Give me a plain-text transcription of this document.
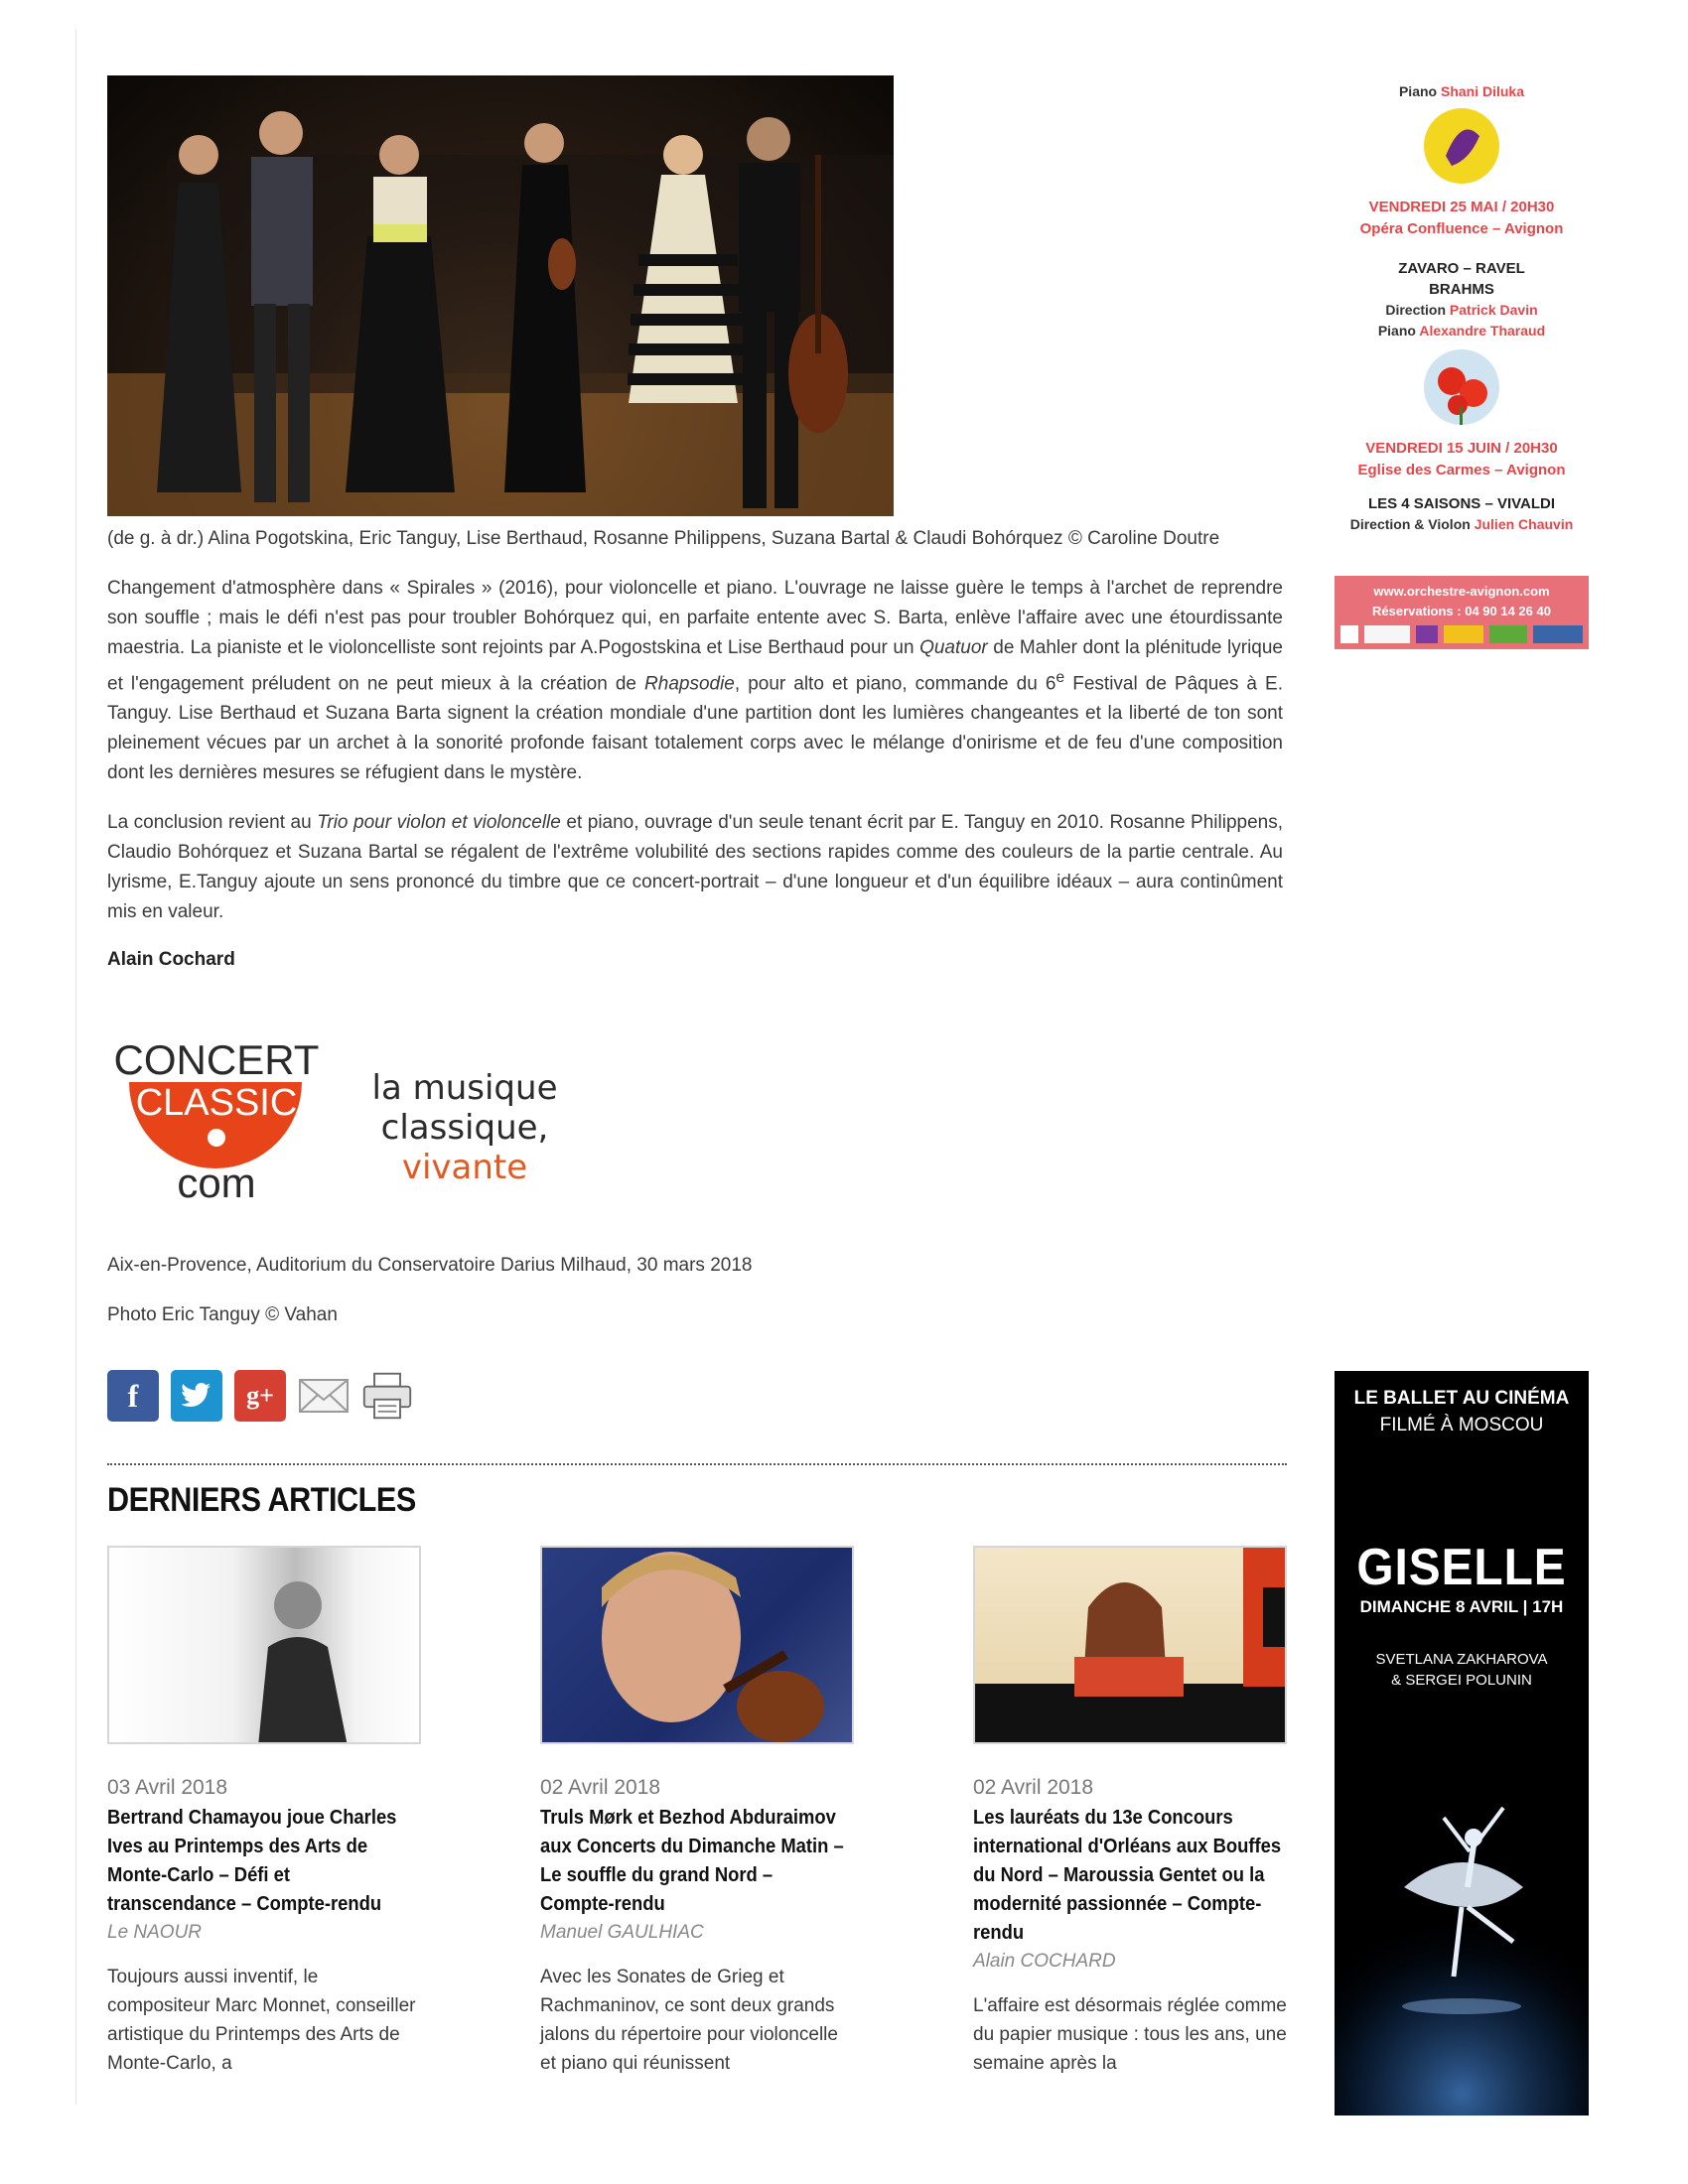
(de g. à dr.) Alina Pogotskina, Eric Tanguy, Lise Berthaud, Rosanne Philippens, Suzana Bartal & Claudi Bohórquez © Caroline Doutre

Changement d'atmosphère dans « Spirales » (2016), pour violoncelle et piano. L'ouvrage ne laisse guère le temps à l'archet de reprendre son souffle ; mais le défi n'est pas pour troubler Bohórquez qui, en parfaite entente avec S. Barta, enlève l'affaire avec une étourdissante maestria. La pianiste et le violoncelliste sont rejoints par A.Pogostskina et Lise Berthaud pour un Quatuor de Mahler dont la plénitude lyrique et l'engagement préludent on ne peut mieux à la création de Rhapsodie, pour alto et piano, commande du 6e Festival de Pâques à E. Tanguy. Lise Berthaud et Suzana Barta signent la création mondiale d'une partition dont les lumières changeantes et la liberté de ton sont pleinement vécues par un archet à la sonorité profonde faisant totalement corps avec le mélange d'onirisme et de feu d'une composition dont les dernières mesures se réfugient dans le mystère.

La conclusion revient au Trio pour violon et violoncelle et piano, ouvrage d'un seule tenant écrit par E. Tanguy en 2010. Rosanne Philippens, Claudio Bohórquez et Suzana Bartal se régalent de l'extrême volubilité des sections rapides comme des couleurs de la partie centrale. Au lyrisme, E.Tanguy ajoute un sens prononcé du timbre que ce concert-portrait – d'une longueur et d'un équilibre idéaux – aura continûment mis en valeur.

Alain Cochard

CONCERT
CLASSIC
com
la musique
classique,
vivante

Aix-en-Provence, Auditorium du Conservatoire Darius Milhaud, 30 mars 2018

Photo Eric Tanguy © Vahan

f	g+
DERNIERS ARTICLES

03 Avril 2018

Bertrand Chamayou joue Charles Ives au Printemps des Arts de Monte-Carlo – Défi et transcendance – Compte-rendu

Le NAOUR

Toujours aussi inventif, le compositeur Marc Monnet, conseiller artistique du Printemps des Arts de Monte-Carlo, a

02 Avril 2018

Truls Mørk et Bezhod Abduraimov aux Concerts du Dimanche Matin – Le souffle du grand Nord – Compte-rendu

Manuel GAULHIAC

Avec les Sonates de Grieg et Rachmaninov, ce sont deux grands jalons du répertoire pour violoncelle et piano qui réunissent

02 Avril 2018

Les lauréats du 13e Concours international d'Orléans aux Bouffes du Nord – Maroussia Gentet ou la modernité passionnée – Compte-rendu

Alain COCHARD

L'affaire est désormais réglée comme du papier musique : tous les ans, une semaine après la

Piano Shani Diluka
VENDREDI 25 MAI / 20H30
Opéra Confluence – Avignon
ZAVARO – RAVEL
BRAHMS
Direction Patrick Davin
Piano Alexandre Tharaud
VENDREDI 15 JUIN / 20H30
Eglise des Carmes – Avignon
LES 4 SAISONS – VIVALDI
Direction & Violon Julien Chauvin
www.orchestre-avignon.com
Réservations : 04 90 14 26 40
LE BALLET AU CINÉMA
FILMÉ À MOSCOU
GISELLE
DIMANCHE 8 AVRIL | 17H
SVETLANA ZAKHAROVA
& SERGEI POLUNIN
